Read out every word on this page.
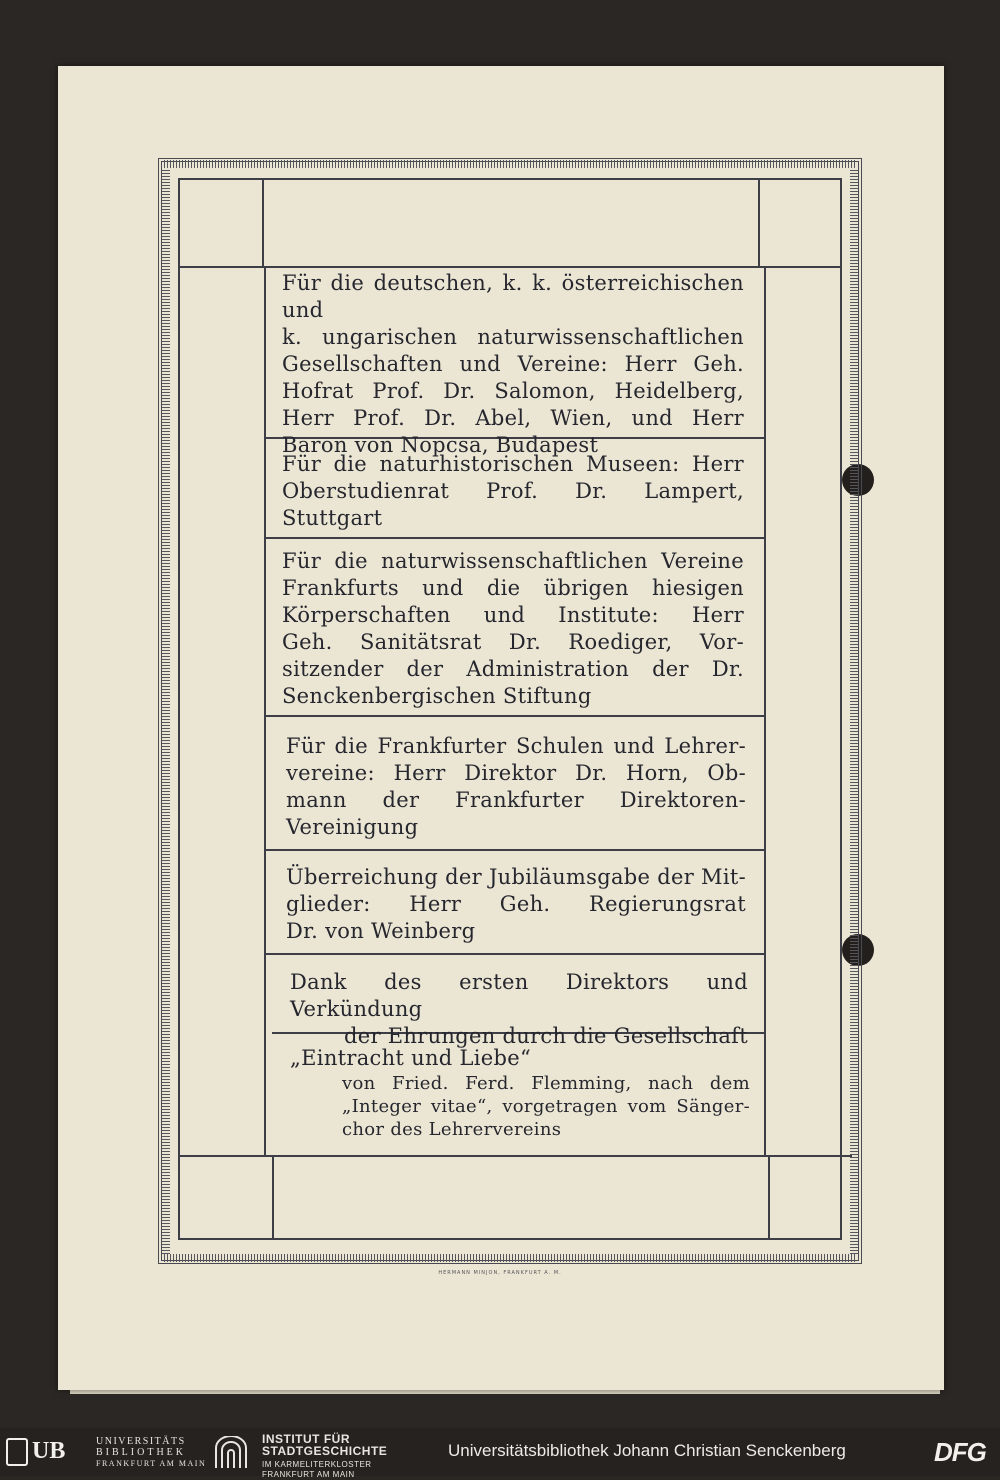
Für die deutschen, k. k. österreichischen und

k. ungarischen naturwissenschaftlichen

Gesellschaften und Vereine: Herr Geh.

Hofrat Prof. Dr. Salomon, Heidelberg,

Herr Prof. Dr. Abel, Wien, und Herr

Baron von Nopcsa, Budapest

Für die naturhistorischen Museen: Herr

Oberstudienrat Prof. Dr. Lampert,

Stuttgart

Für die naturwissenschaftlichen Vereine

Frankfurts und die übrigen hiesigen

Körperschaften und Institute: Herr

Geh. Sanitätsrat Dr. Roediger, Vor-

sitzender der Administration der Dr.

Senckenbergischen Stiftung

Für die Frankfurter Schulen und Lehrer-

vereine: Herr Direktor Dr. Horn, Ob-

mann der Frankfurter Direktoren-

Vereinigung

Überreichung der Jubiläumsgabe der Mit-

glieder: Herr Geh. Regierungsrat

Dr. von Weinberg

Dank des ersten Direktors und Verkündung

der Ehrungen durch die Gesellschaft

„Eintracht und Liebe“

von Fried. Ferd. Flemming, nach dem

„Integer vitae“, vorgetragen vom Sänger-

chor des Lehrervereins

HERMANN MINJON, FRANKFURT A. M.
UB	UNIVERSITÄTS
BIBLIOTHEK
FRANKFURT AM MAIN
INSTITUT FÜR
STADTGESCHICHTE
IM KARMELITERKLOSTER
FRANKFURT AM MAIN
Universitätsbibliothek Johann Christian Senckenberg	DFG
